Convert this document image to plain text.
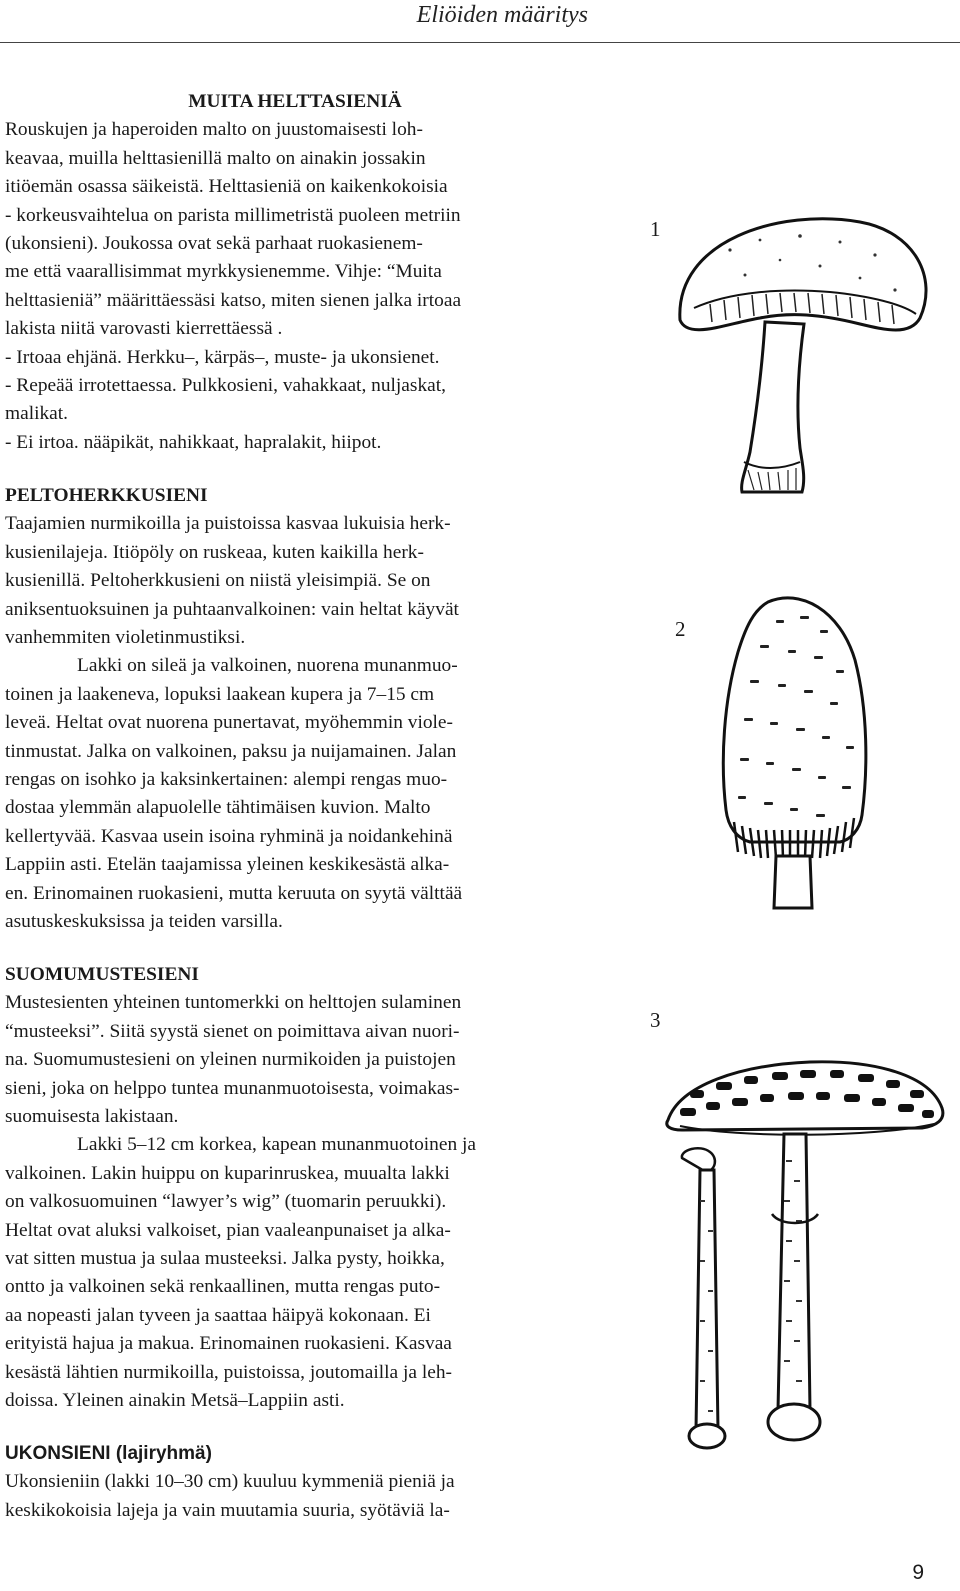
Eliöiden määritys
MUITA HELTTASIENIÄ

Rouskujen ja haperoiden malto on juustomaisesti loh-

keavaa, muilla helttasienillä malto on ainakin jossakin

itiöemän osassa säikeistä. Helttasieniä on kaikenkokoisia

- korkeusvaihtelua on parista millimetristä puoleen metriin

(ukonsieni). Joukossa ovat sekä parhaat ruokasienem-

me että vaarallisimmat myrkkysienemme. Vihje: “Muita

helttasieniä” määrittäessäsi katso, miten sienen jalka irtoaa

lakista niitä varovasti kierrettäessä .

- Irtoaa ehjänä. Herkku–, kärpäs–, muste- ja ukonsienet.

- Repeää irrotettaessa. Pulkkosieni, vahakkaat, nuljaskat,

malikat.

- Ei irtoa. nääpikät, nahikkaat, hapralakit, hiipot.

PELTOHERKKUSIENI

Taajamien nurmikoilla ja puistoissa kasvaa lukuisia herk-

kusienilajeja. Itiöpöly on ruskeaa, kuten kaikilla herk-

kusienillä. Peltoherkkusieni on niistä yleisimpiä. Se on

aniksentuoksuinen ja puhtaanvalkoinen: vain heltat käyvät

vanhemmiten violetinmustiksi.

Lakki on sileä ja valkoinen, nuorena munanmuo-

toinen ja laakeneva, lopuksi laakean kupera ja 7–15 cm

leveä. Heltat ovat nuorena punertavat, myöhemmin viole-

tinmustat. Jalka on valkoinen, paksu ja nuijamainen. Jalan

rengas on isohko ja kaksinkertainen: alempi rengas muo-

dostaa ylemmän alapuolelle tähtimäisen kuvion. Malto

kellertyvää. Kasvaa usein isoina ryhminä ja noidankehinä

Lappiin asti. Etelän taajamissa yleinen keskikesästä alka-

en. Erinomainen ruokasieni, mutta keruuta on syytä välttää

asutuskeskuksissa ja teiden varsilla.

SUOMUMUSTESIENI

Mustesienten yhteinen tuntomerkki on helttojen sulaminen

“musteeksi”. Siitä syystä sienet on poimittava aivan nuori-

na. Suomumustesieni on yleinen nurmikoiden ja puistojen

sieni, joka on helppo tuntea munanmuotoisesta, voimakas-

suomuisesta lakistaan.

Lakki 5–12 cm korkea, kapean munanmuotoinen ja

valkoinen. Lakin huippu on kuparinruskea, muualta lakki

on valkosuomuinen “lawyer’s wig” (tuomarin peruukki).

Heltat ovat aluksi valkoiset, pian vaaleanpunaiset ja alka-

vat sitten mustua ja sulaa musteeksi. Jalka pysty, hoikka,

ontto ja valkoinen sekä renkaallinen, mutta rengas puto-

aa nopeasti jalan tyveen ja saattaa häipyä kokonaan. Ei

erityistä hajua ja makua. Erinomainen ruokasieni. Kasvaa

kesästä lähtien nurmikoilla, puistoissa, joutomailla ja leh-

doissa. Yleinen ainakin Metsä–Lappiin asti.

UKONSIENI (lajiryhmä)

Ukonsieniin (lakki 10–30 cm) kuuluu kymmeniä pieniä ja

keskikokoisia lajeja ja vain muutamia suuria, syötäviä la-

1
2
3
9
